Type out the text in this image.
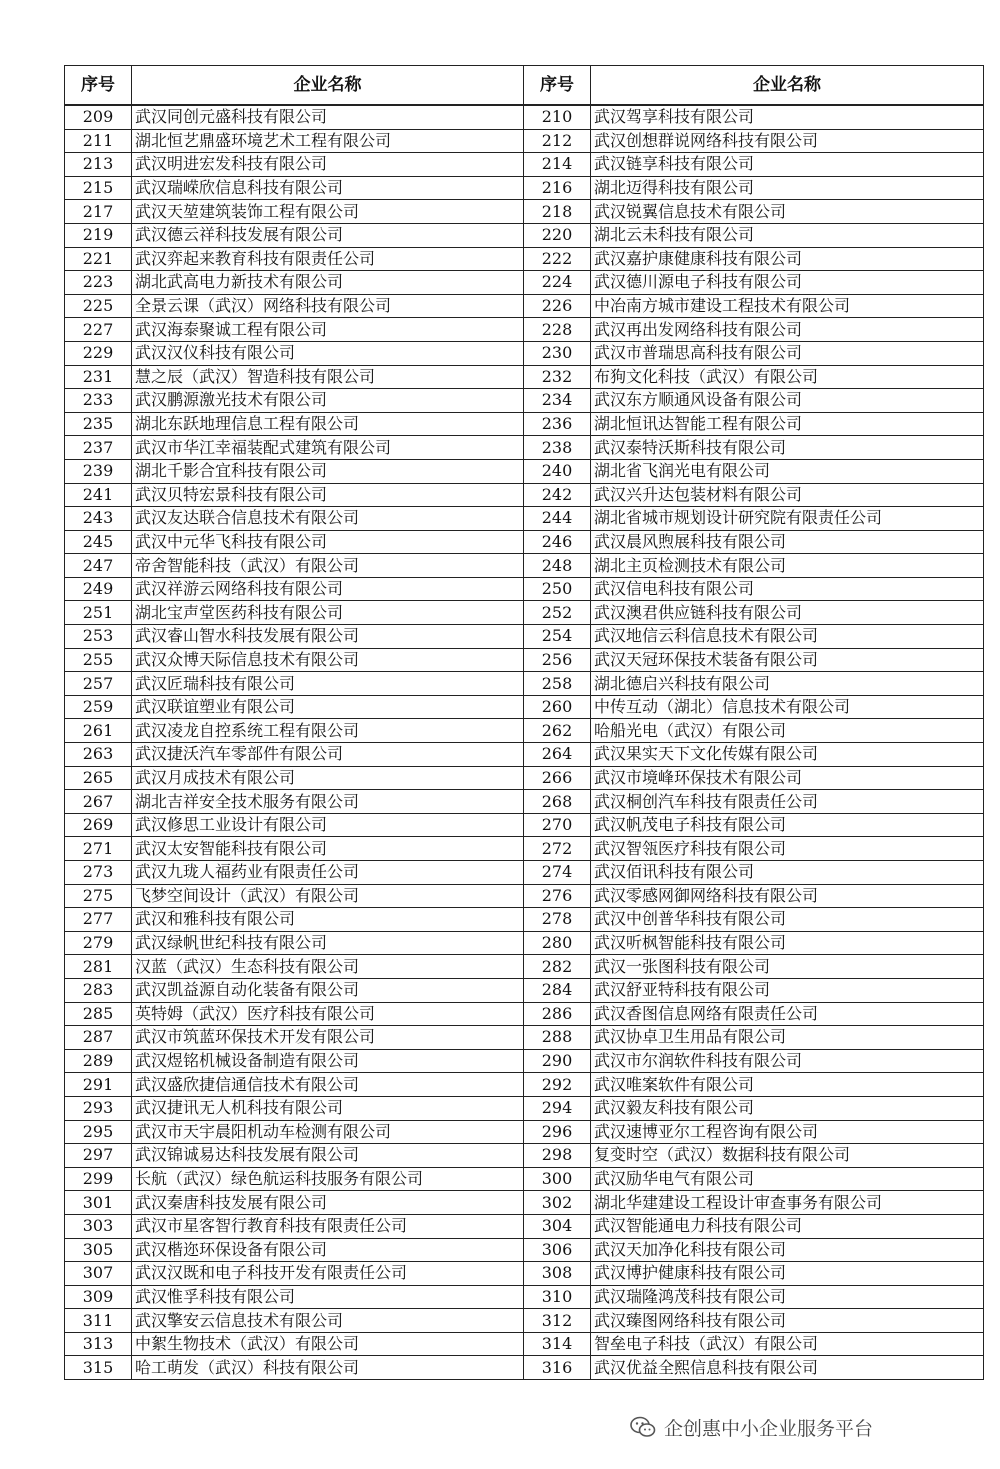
序号	企业名称	序号	企业名称
209	武汉同创元盛科技有限公司	210	武汉驾享科技有限公司
211	湖北恒艺鼎盛环境艺术工程有限公司	212	武汉创想群说网络科技有限公司
213	武汉明进宏发科技有限公司	214	武汉链享科技有限公司
215	武汉瑞嵘欣信息科技有限公司	216	湖北迈得科技有限公司
217	武汉天堃建筑装饰工程有限公司	218	武汉锐翼信息技术有限公司
219	武汉德云祥科技发展有限公司	220	湖北云未科技有限公司
221	武汉弈起来教育科技有限责任公司	222	武汉嘉护康健康科技有限公司
223	湖北武高电力新技术有限公司	224	武汉德川源电子科技有限公司
225	全景云课（武汉）网络科技有限公司	226	中冶南方城市建设工程技术有限公司
227	武汉海泰聚诚工程有限公司	228	武汉再出发网络科技有限公司
229	武汉汉仪科技有限公司	230	武汉市普瑞思高科技有限公司
231	慧之辰（武汉）智造科技有限公司	232	布狗文化科技（武汉）有限公司
233	武汉鹏源激光技术有限公司	234	武汉东方顺通风设备有限公司
235	湖北东跃地理信息工程有限公司	236	湖北恒讯达智能工程有限公司
237	武汉市华江幸福装配式建筑有限公司	238	武汉泰特沃斯科技有限公司
239	湖北千影合宜科技有限公司	240	湖北省飞润光电有限公司
241	武汉贝特宏景科技有限公司	242	武汉兴升达包装材料有限公司
243	武汉友达联合信息技术有限公司	244	湖北省城市规划设计研究院有限责任公司
245	武汉中元华飞科技有限公司	246	武汉晨风煦展科技有限公司
247	帝舍智能科技（武汉）有限公司	248	湖北主页检测技术有限公司
249	武汉祥游云网络科技有限公司	250	武汉信电科技有限公司
251	湖北宝声堂医药科技有限公司	252	武汉澳君供应链科技有限公司
253	武汉睿山智水科技发展有限公司	254	武汉地信云科信息技术有限公司
255	武汉众博天际信息技术有限公司	256	武汉天冠环保技术装备有限公司
257	武汉匠瑞科技有限公司	258	湖北德启兴科技有限公司
259	武汉联谊塑业有限公司	260	中传互动（湖北）信息技术有限公司
261	武汉凌龙自控系统工程有限公司	262	哈船光电（武汉）有限公司
263	武汉捷沃汽车零部件有限公司	264	武汉果实天下文化传媒有限公司
265	武汉月成技术有限公司	266	武汉市境峰环保技术有限公司
267	湖北吉祥安全技术服务有限公司	268	武汉桐创汽车科技有限责任公司
269	武汉修思工业设计有限公司	270	武汉帆茂电子科技有限公司
271	武汉太安智能科技有限公司	272	武汉智瓴医疗科技有限公司
273	武汉九珑人福药业有限责任公司	274	武汉佰讯科技有限公司
275	飞梦空间设计（武汉）有限公司	276	武汉零感网御网络科技有限公司
277	武汉和雅科技有限公司	278	武汉中创普华科技有限公司
279	武汉绿帆世纪科技有限公司	280	武汉听枫智能科技有限公司
281	汉蓝（武汉）生态科技有限公司	282	武汉一张图科技有限公司
283	武汉凯益源自动化装备有限公司	284	武汉舒亚特科技有限公司
285	英特姆（武汉）医疗科技有限公司	286	武汉香图信息网络有限责任公司
287	武汉市筑蓝环保技术开发有限公司	288	武汉协卓卫生用品有限公司
289	武汉煜铭机械设备制造有限公司	290	武汉市尔润软件科技有限公司
291	武汉盛欣捷信通信技术有限公司	292	武汉唯案软件有限公司
293	武汉捷讯无人机科技有限公司	294	武汉毅友科技有限公司
295	武汉市天宇晨阳机动车检测有限公司	296	武汉速博亚尔工程咨询有限公司
297	武汉锦诚易达科技发展有限公司	298	复变时空（武汉）数据科技有限公司
299	长航（武汉）绿色航运科技服务有限公司	300	武汉励华电气有限公司
301	武汉秦唐科技发展有限公司	302	湖北华建建设工程设计审查事务有限公司
303	武汉市星客智行教育科技有限责任公司	304	武汉智能通电力科技有限公司
305	武汉楷迩环保设备有限公司	306	武汉天加净化科技有限公司
307	武汉汉既和电子科技开发有限责任公司	308	武汉博护健康科技有限公司
309	武汉惟孚科技有限公司	310	武汉瑞隆鸿茂科技有限公司
311	武汉擎安云信息技术有限公司	312	武汉臻图网络科技有限公司
313	中絮生物技术（武汉）有限公司	314	智垒电子科技（武汉）有限公司
315	哈工萌发（武汉）科技有限公司	316	武汉优益全熙信息科技有限公司
企创惠中小企业服务平台
